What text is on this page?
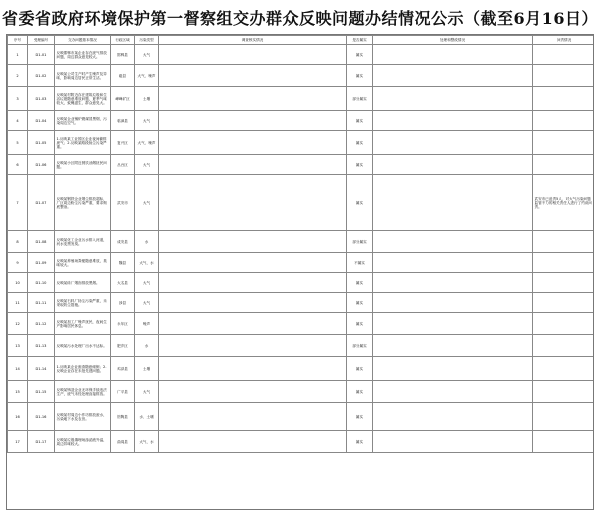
省委省政府环境保护第一督察组交办群众反映问题办结情况公示（截至6月16日）
序号	受理编号	交办问题基本情况	行政区域	污染类型	调查核实情况	是否属实	处理和整改情况	问责情况
1	D1-01	反映邯郸市某企业存在废气排放问题，周边群众意见较大。	邯郸县	大气		属实		
2	D1-02	反映某公司生产时产生噪声及异味，影响周边居民正常生活。	磁县	大气、噪声		属实		
3	D1-03	反映某村附近存在建筑垃圾和生活垃圾随意堆放问题，夏季气味较大，蚊蝇滋生，群众意见大。	峰峰矿区	土壤		部分属实		
4	D1-04	反映某企业锅炉燃煤冒黑烟，污染周边空气。	临漳县	大气		属实		
5	D1-05	1.反映某工业园区企业夜间偷排废气；2.反映某路段扬尘污染严重。	复兴区	大气、噪声		属实		
6	D1-06	反映某小区附近餐饮油烟扰民问题。	丛台区	大气		属实		
7	D1-07	反映某钢铁企业烟尘排放超标，厂区周边粉尘污染严重，要求彻底整治。	武安市	大气		属实		武安市已追责5人，对大气污染问题监管不力的相关责任人进行了约谈问责。
8	D1-08	反映某化工企业污水排入河道，河水变黑发臭。	成安县	水		部分属实		
9	D1-09	反映某养殖场粪便随意堆放，臭味较大。	魏县	大气、水		不属实		
10	D1-10	反映某砖厂烟囱排放黑烟。	大名县	大气		属实		
11	D1-11	反映某石料厂扬尘污染严重，未采取防尘措施。	涉县	大气		属实		
12	D1-12	反映某加工厂噪声扰民，夜间生产影响居民休息。	永年区	噪声		属实		
13	D1-13	反映某污水处理厂出水不达标。	肥乡区	水		部分属实		
14	D1-14	1.反映某企业废渣随意倾倒；2.反映企业存在未批先建问题。	鸡泽县	土壤		属实		
15	D1-15	反映某铸造企业无环保手续违法生产，废气未经处理直接排放。	广平县	大气		属实		
16	D1-16	反映某村周边小作坊排放废水，污染地下水及农田。	馆陶县	水、土壤		属实		
17	D1-17	反映某垃圾填埋场渗滤液外溢，周边异味较大。	曲周县	大气、水		属实		
